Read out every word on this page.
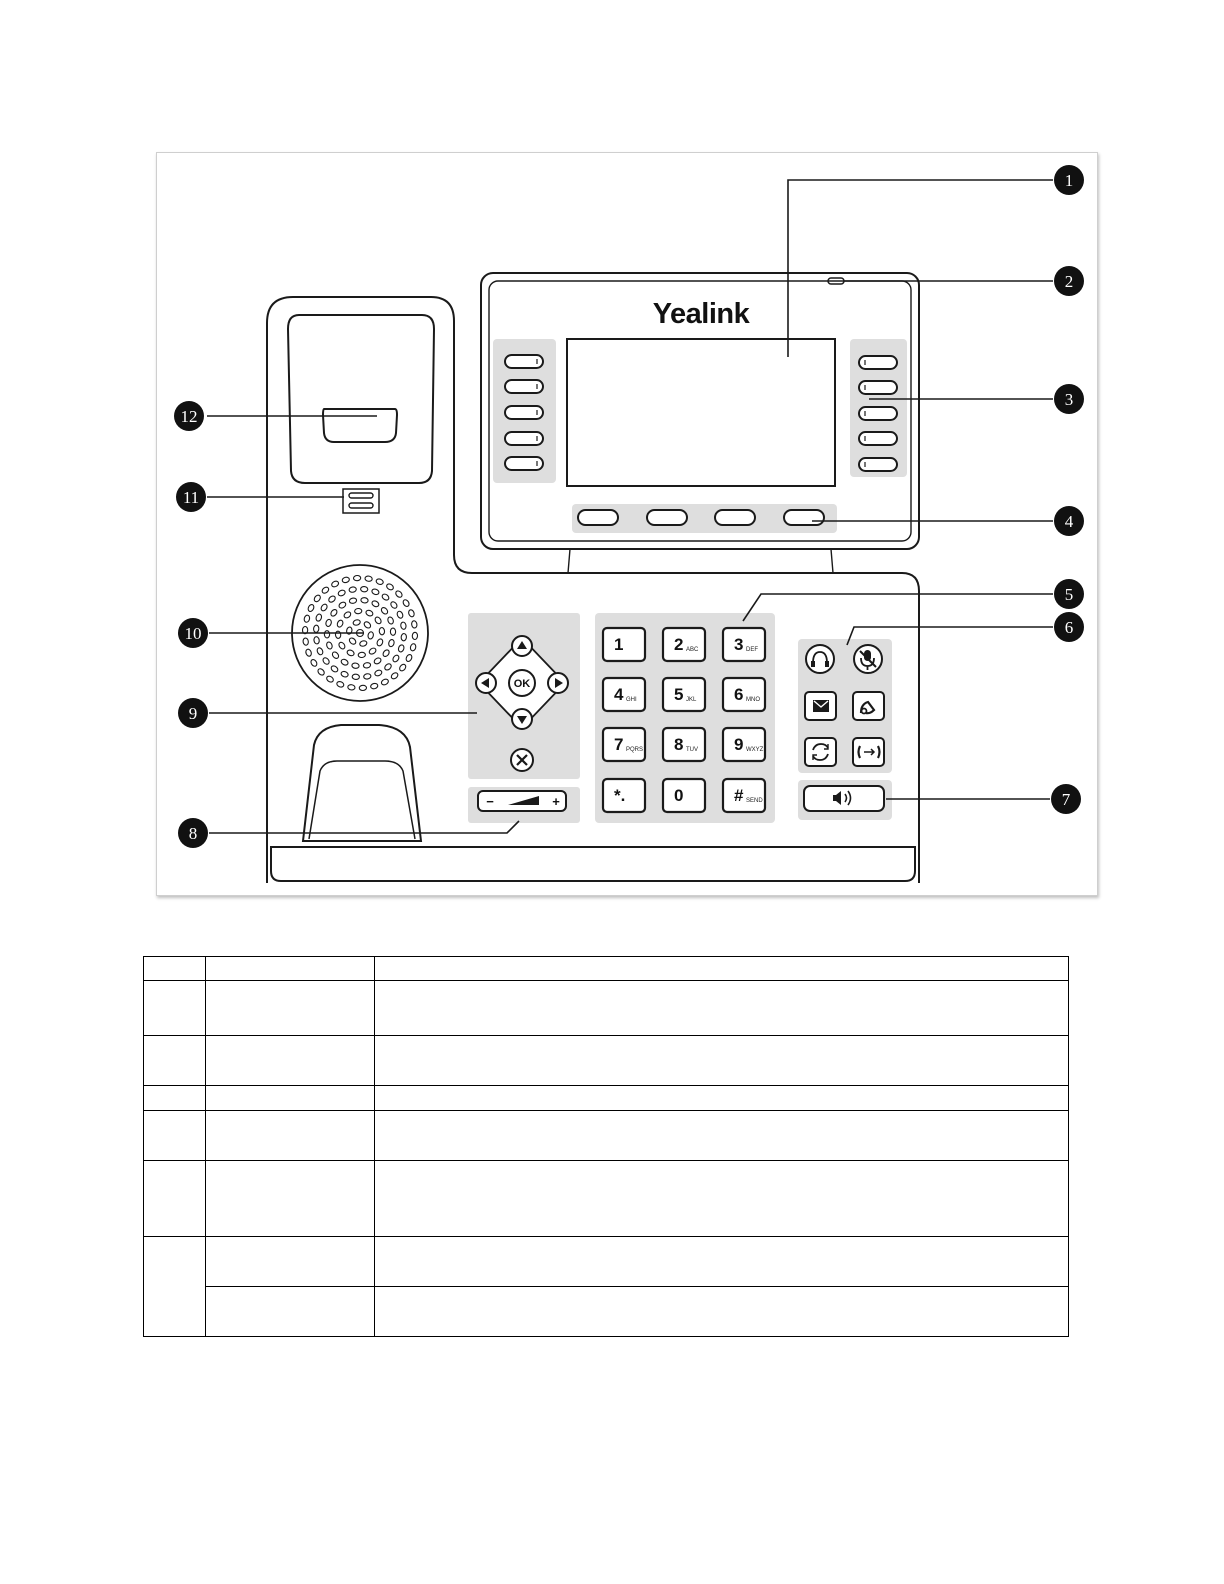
Yealink
OK
−	+
1	2 ABC 3 DEF
4 GHI 5 JKL 6 MNO
7 PQRS 8 TUV 9 WXYZ
*.	0	# SEND
1
2
3
4
5
6
7
8
9
10
11
12
